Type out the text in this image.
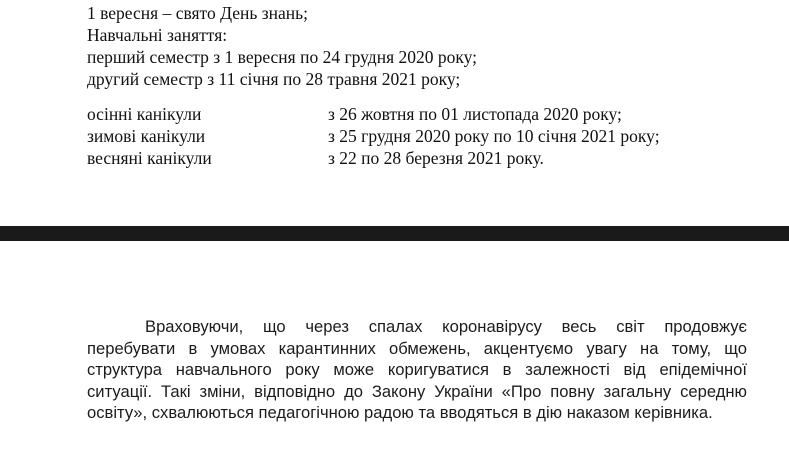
1 вересня – свято День знань;
Навчальні заняття:
перший семестр з 1 вересня по 24 грудня 2020 року;
другий семестр з 11 січня по 28 травня 2021 року;
осінні канікули	з 26 жовтня по 01 листопада 2020 року;
зимові канікули	з 25 грудня 2020 року по 10 січня 2021 року;
весняні канікули	з 22 по 28 березня 2021 року.
Враховуючи, що через спалах коронавірусу весь світ продовжує
перебувати в умовах карантинних обмежень, акцентуємо увагу на тому, що
структура навчального року може коригуватися в залежності від епідемічної
ситуації. Такі зміни, відповідно до Закону України «Про повну загальну середню
освіту», схвалюються педагогічною радою та вводяться в дію наказом керівника.
